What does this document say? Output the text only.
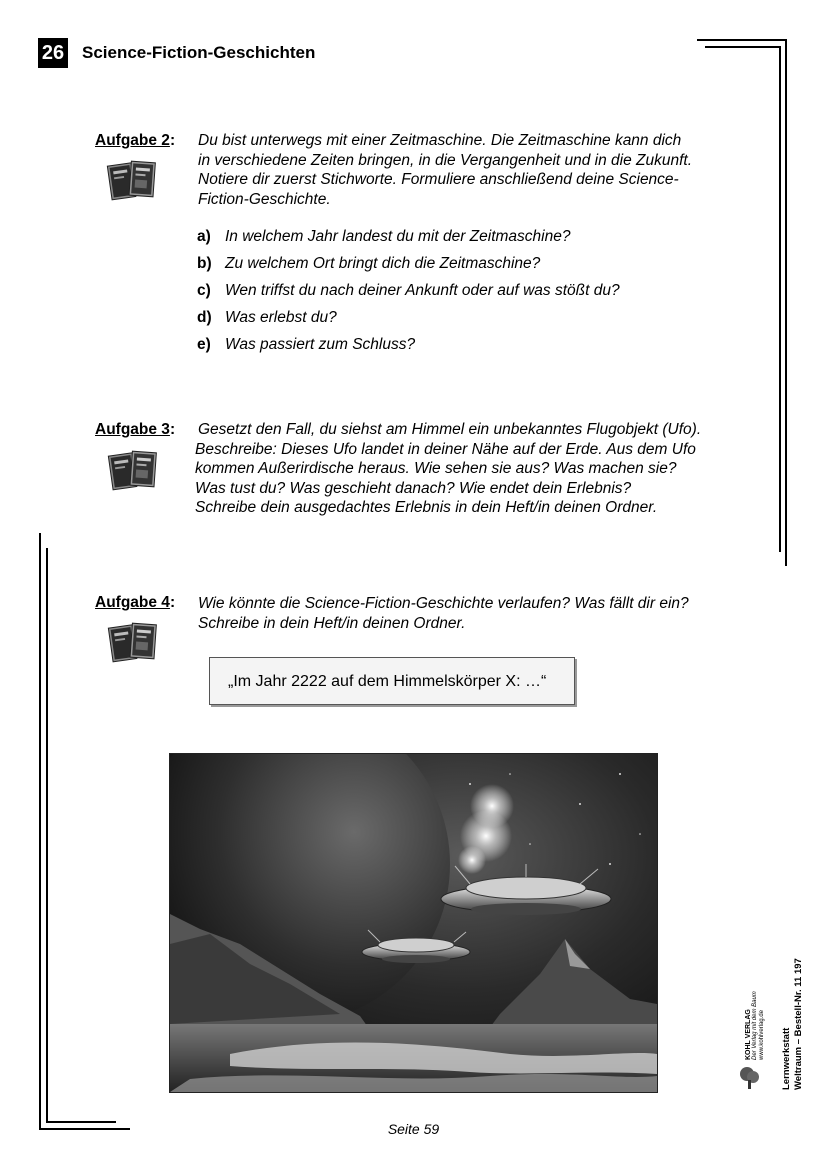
26 Science-Fiction-Geschichten
Aufgabe 2: Du bist unterwegs mit einer Zeitmaschine. Die Zeitmaschine kann dich
in verschiedene Zeiten bringen, in die Vergangenheit und in die Zukunft.
Notiere dir zuerst Stichworte. Formuliere anschließend deine Science-
Fiction-Geschichte.
a) In welchem Jahr landest du mit der Zeitmaschine?
b) Zu welchem Ort bringt dich die Zeitmaschine?
c) Wen triffst du nach deiner Ankunft oder auf was stößt du?
d) Was erlebst du?
e) Was passiert zum Schluss?
Aufgabe 3: Gesetzt den Fall, du siehst am Himmel ein unbekanntes Flugobjekt (Ufo).
Beschreibe: Dieses Ufo landet in deiner Nähe auf der Erde. Aus dem Ufo
kommen Außerirdische heraus. Wie sehen sie aus? Was machen sie?
Was tust du? Was geschieht danach? Wie endet dein Erlebnis?
Schreibe dein ausgedachtes Erlebnis in dein Heft/in deinen Ordner.
Aufgabe 4: Wie könnte die Science-Fiction-Geschichte verlaufen? Was fällt dir ein?
Schreibe in dein Heft/in deinen Ordner.
„Im Jahr 2222 auf dem Himmelskörper X: …“
Lernwerkstatt Weltraum – Bestell-Nr. 11 197
KOHL VERLAG Der Verlag mit dem Baum www.kohlverlag.de
Seite 59
